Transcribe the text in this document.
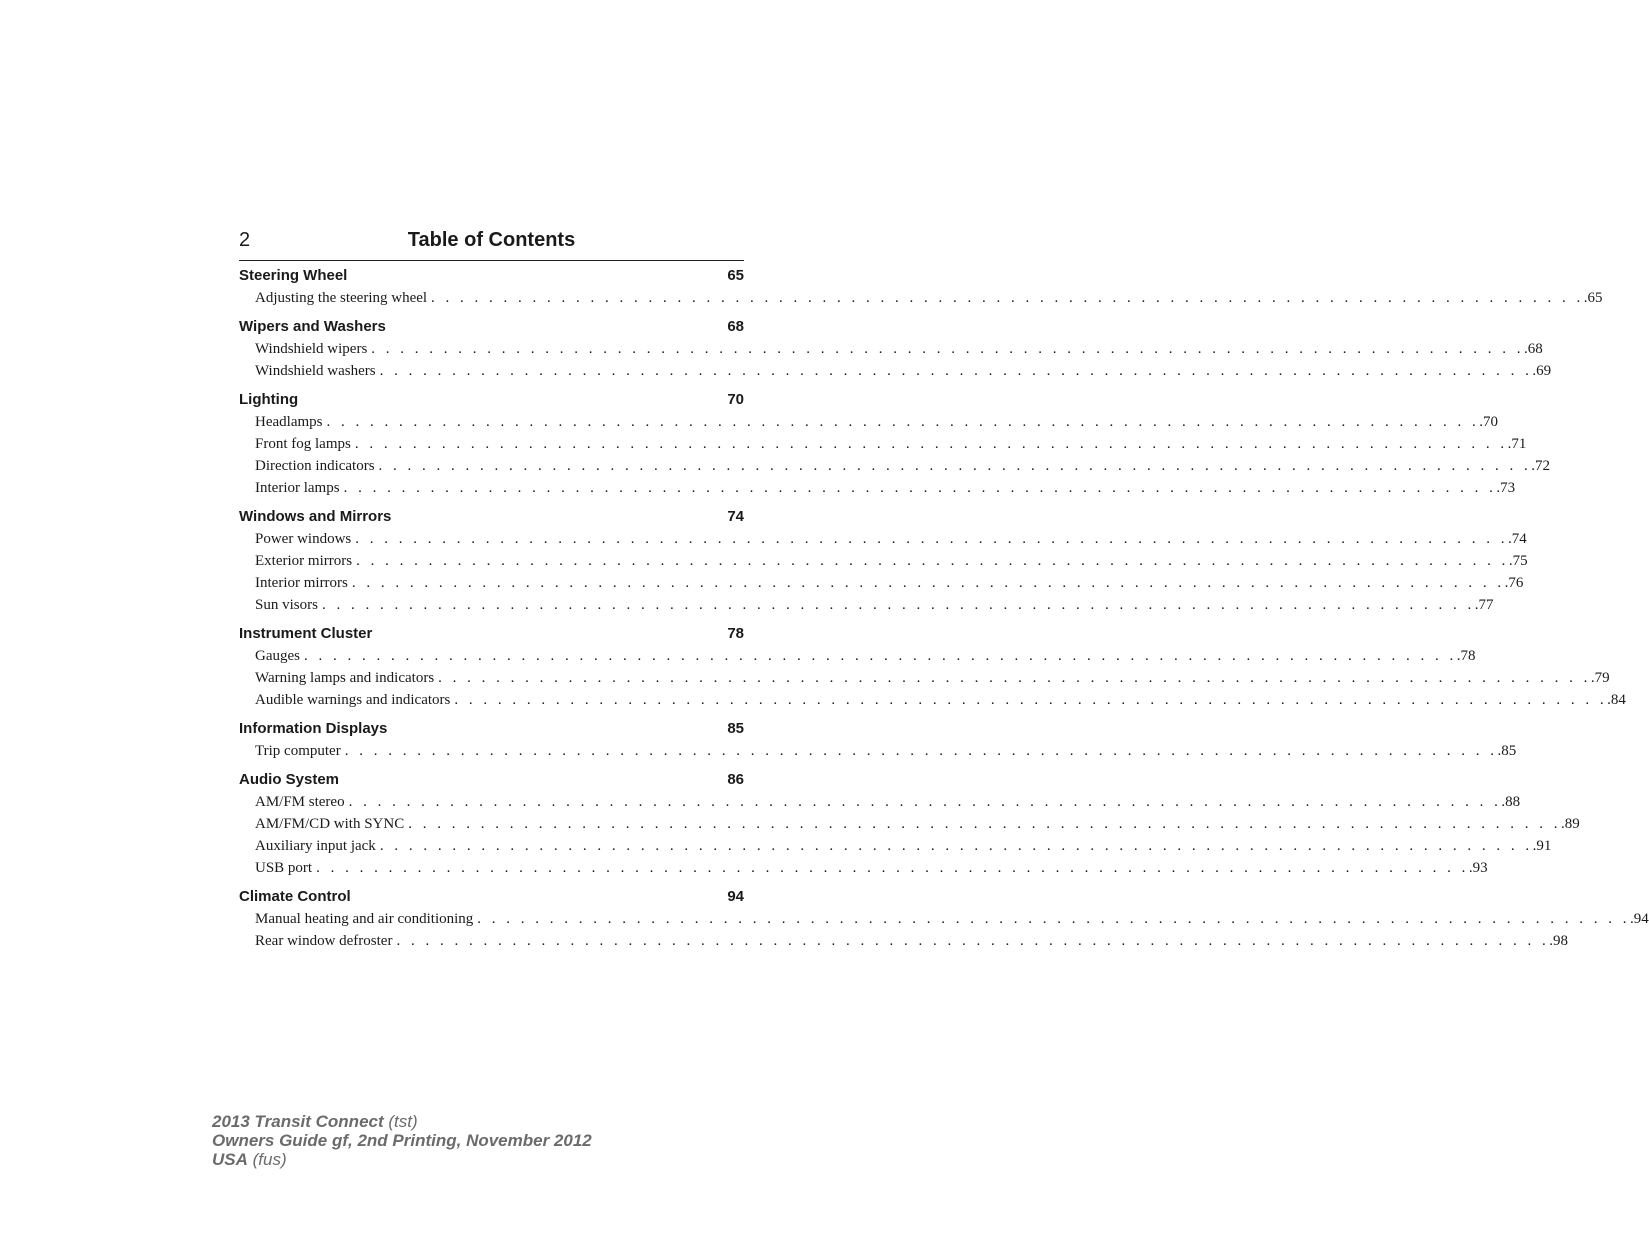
2	Table of Contents
Steering Wheel	65
Adjusting the steering wheel . . . . . . . . . . . . . . . . . . . . . . . . . . . . . . . . . . . . . . . . . . . . . . . . . . . . . . . . . . . . . . . . . . . . . . . . . . . . . . . . .65
Wipers and Washers	68
Windshield wipers . . . . . . . . . . . . . . . . . . . . . . . . . . . . . . . . . . . . . . . . . . . . . . . . . . . . . . . . . . . . . . . . . . . . . . . . . . . . . . . . .68
Windshield washers . . . . . . . . . . . . . . . . . . . . . . . . . . . . . . . . . . . . . . . . . . . . . . . . . . . . . . . . . . . . . . . . . . . . . . . . . . . . . . . . .69
Lighting	70
Headlamps . . . . . . . . . . . . . . . . . . . . . . . . . . . . . . . . . . . . . . . . . . . . . . . . . . . . . . . . . . . . . . . . . . . . . . . . . . . . . . . . .70
Front fog lamps . . . . . . . . . . . . . . . . . . . . . . . . . . . . . . . . . . . . . . . . . . . . . . . . . . . . . . . . . . . . . . . . . . . . . . . . . . . . . . . . .71
Direction indicators . . . . . . . . . . . . . . . . . . . . . . . . . . . . . . . . . . . . . . . . . . . . . . . . . . . . . . . . . . . . . . . . . . . . . . . . . . . . . . . . .72
Interior lamps . . . . . . . . . . . . . . . . . . . . . . . . . . . . . . . . . . . . . . . . . . . . . . . . . . . . . . . . . . . . . . . . . . . . . . . . . . . . . . . . .73
Windows and Mirrors	74
Power windows . . . . . . . . . . . . . . . . . . . . . . . . . . . . . . . . . . . . . . . . . . . . . . . . . . . . . . . . . . . . . . . . . . . . . . . . . . . . . . . . .74
Exterior mirrors . . . . . . . . . . . . . . . . . . . . . . . . . . . . . . . . . . . . . . . . . . . . . . . . . . . . . . . . . . . . . . . . . . . . . . . . . . . . . . . . .75
Interior mirrors . . . . . . . . . . . . . . . . . . . . . . . . . . . . . . . . . . . . . . . . . . . . . . . . . . . . . . . . . . . . . . . . . . . . . . . . . . . . . . . . .76
Sun visors . . . . . . . . . . . . . . . . . . . . . . . . . . . . . . . . . . . . . . . . . . . . . . . . . . . . . . . . . . . . . . . . . . . . . . . . . . . . . . . . .77
Instrument Cluster	78
Gauges . . . . . . . . . . . . . . . . . . . . . . . . . . . . . . . . . . . . . . . . . . . . . . . . . . . . . . . . . . . . . . . . . . . . . . . . . . . . . . . . .78
Warning lamps and indicators . . . . . . . . . . . . . . . . . . . . . . . . . . . . . . . . . . . . . . . . . . . . . . . . . . . . . . . . . . . . . . . . . . . . . . . . . . . . . . . . .79
Audible warnings and indicators . . . . . . . . . . . . . . . . . . . . . . . . . . . . . . . . . . . . . . . . . . . . . . . . . . . . . . . . . . . . . . . . . . . . . . . . . . . . . . . . .84
Information Displays	85
Trip computer . . . . . . . . . . . . . . . . . . . . . . . . . . . . . . . . . . . . . . . . . . . . . . . . . . . . . . . . . . . . . . . . . . . . . . . . . . . . . . . . .85
Audio System	86
AM/FM stereo . . . . . . . . . . . . . . . . . . . . . . . . . . . . . . . . . . . . . . . . . . . . . . . . . . . . . . . . . . . . . . . . . . . . . . . . . . . . . . . . .88
AM/FM/CD with SYNC . . . . . . . . . . . . . . . . . . . . . . . . . . . . . . . . . . . . . . . . . . . . . . . . . . . . . . . . . . . . . . . . . . . . . . . . . . . . . . . . .89
Auxiliary input jack . . . . . . . . . . . . . . . . . . . . . . . . . . . . . . . . . . . . . . . . . . . . . . . . . . . . . . . . . . . . . . . . . . . . . . . . . . . . . . . . .91
USB port . . . . . . . . . . . . . . . . . . . . . . . . . . . . . . . . . . . . . . . . . . . . . . . . . . . . . . . . . . . . . . . . . . . . . . . . . . . . . . . . .93
Climate Control	94
Manual heating and air conditioning . . . . . . . . . . . . . . . . . . . . . . . . . . . . . . . . . . . . . . . . . . . . . . . . . . . . . . . . . . . . . . . . . . . . . . . . . . . . . . . . .94
Rear window defroster . . . . . . . . . . . . . . . . . . . . . . . . . . . . . . . . . . . . . . . . . . . . . . . . . . . . . . . . . . . . . . . . . . . . . . . . . . . . . . . . .98
2013 Transit Connect (tst)
Owners Guide gf, 2nd Printing, November 2012
USA (fus)
